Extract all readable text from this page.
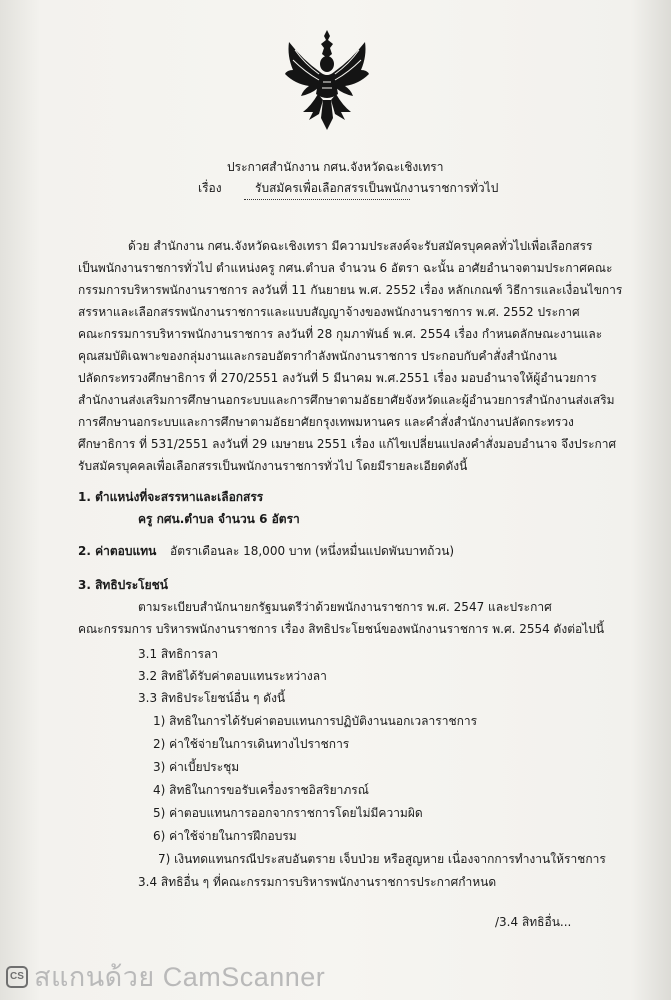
ประกาศสำนักงาน กศน.จังหวัดฉะเชิงเทรา
เรื่อง	รับสมัครเพื่อเลือกสรรเป็นพนักงานราชการทั่วไป
ด้วย สำนักงาน กศน.จังหวัดฉะเชิงเทรา มีความประสงค์จะรับสมัครบุคคลทั่วไปเพื่อเลือกสรร
เป็นพนักงานราชการทั่วไป ตำแหน่งครู กศน.ตำบล จำนวน 6 อัตรา ฉะนั้น อาศัยอำนาจตามประกาศคณะ
กรรมการบริหารพนักงานราชการ ลงวันที่ 11 กันยายน พ.ศ. 2552 เรื่อง หลักเกณฑ์ วิธีการและเงื่อนไขการ
สรรหาและเลือกสรรพนักงานราชการและแบบสัญญาจ้างของพนักงานราชการ พ.ศ. 2552 ประกาศ
คณะกรรมการบริหารพนักงานราชการ ลงวันที่ 28 กุมภาพันธ์ พ.ศ. 2554 เรื่อง กำหนดลักษณะงานและ
คุณสมบัติเฉพาะของกลุ่มงานและกรอบอัตรากำลังพนักงานราชการ ประกอบกับคำสั่งสำนักงาน
ปลัดกระทรวงศึกษาธิการ ที่ 270/2551 ลงวันที่ 5 มีนาคม พ.ศ.2551 เรื่อง มอบอำนาจให้ผู้อำนวยการ
สำนักงานส่งเสริมการศึกษานอกระบบและการศึกษาตามอัธยาศัยจังหวัดและผู้อำนวยการสำนักงานส่งเสริม
การศึกษานอกระบบและการศึกษาตามอัธยาศัยกรุงเทพมหานคร และคำสั่งสำนักงานปลัดกระทรวง
ศึกษาธิการ ที่ 531/2551 ลงวันที่ 29 เมษายน 2551 เรื่อง แก้ไขเปลี่ยนแปลงคำสั่งมอบอำนาจ จึงประกาศ
รับสมัครบุคคลเพื่อเลือกสรรเป็นพนักงานราชการทั่วไป โดยมีรายละเอียดดังนี้
1. ตำแหน่งที่จะสรรหาและเลือกสรร
ครู กศน.ตำบล จำนวน 6 อัตรา
2. ค่าตอบแทน อัตราเดือนละ 18,000 บาท (หนึ่งหมื่นแปดพันบาทถ้วน)
3. สิทธิประโยชน์
ตามระเบียบสำนักนายกรัฐมนตรีว่าด้วยพนักงานราชการ พ.ศ. 2547 และประกาศ
คณะกรรมการ บริหารพนักงานราชการ เรื่อง สิทธิประโยชน์ของพนักงานราชการ พ.ศ. 2554 ดังต่อไปนี้
3.1 สิทธิการลา
3.2 สิทธิได้รับค่าตอบแทนระหว่างลา
3.3 สิทธิประโยชน์อื่น ๆ ดังนี้
1) สิทธิในการได้รับค่าตอบแทนการปฏิบัติงานนอกเวลาราชการ
2) ค่าใช้จ่ายในการเดินทางไปราชการ
3) ค่าเบี้ยประชุม
4) สิทธิในการขอรับเครื่องราชอิสริยาภรณ์
5) ค่าตอบแทนการออกจากราชการโดยไม่มีความผิด
6) ค่าใช้จ่ายในการฝึกอบรม
7) เงินทดแทนกรณีประสบอันตราย เจ็บป่วย หรือสูญหาย เนื่องจากการทำงานให้ราชการ
3.4 สิทธิอื่น ๆ ที่คณะกรรมการบริหารพนักงานราชการประกาศกำหนด
/3.4 สิทธิอื่น...
CS สแกนด้วย CamScanner
